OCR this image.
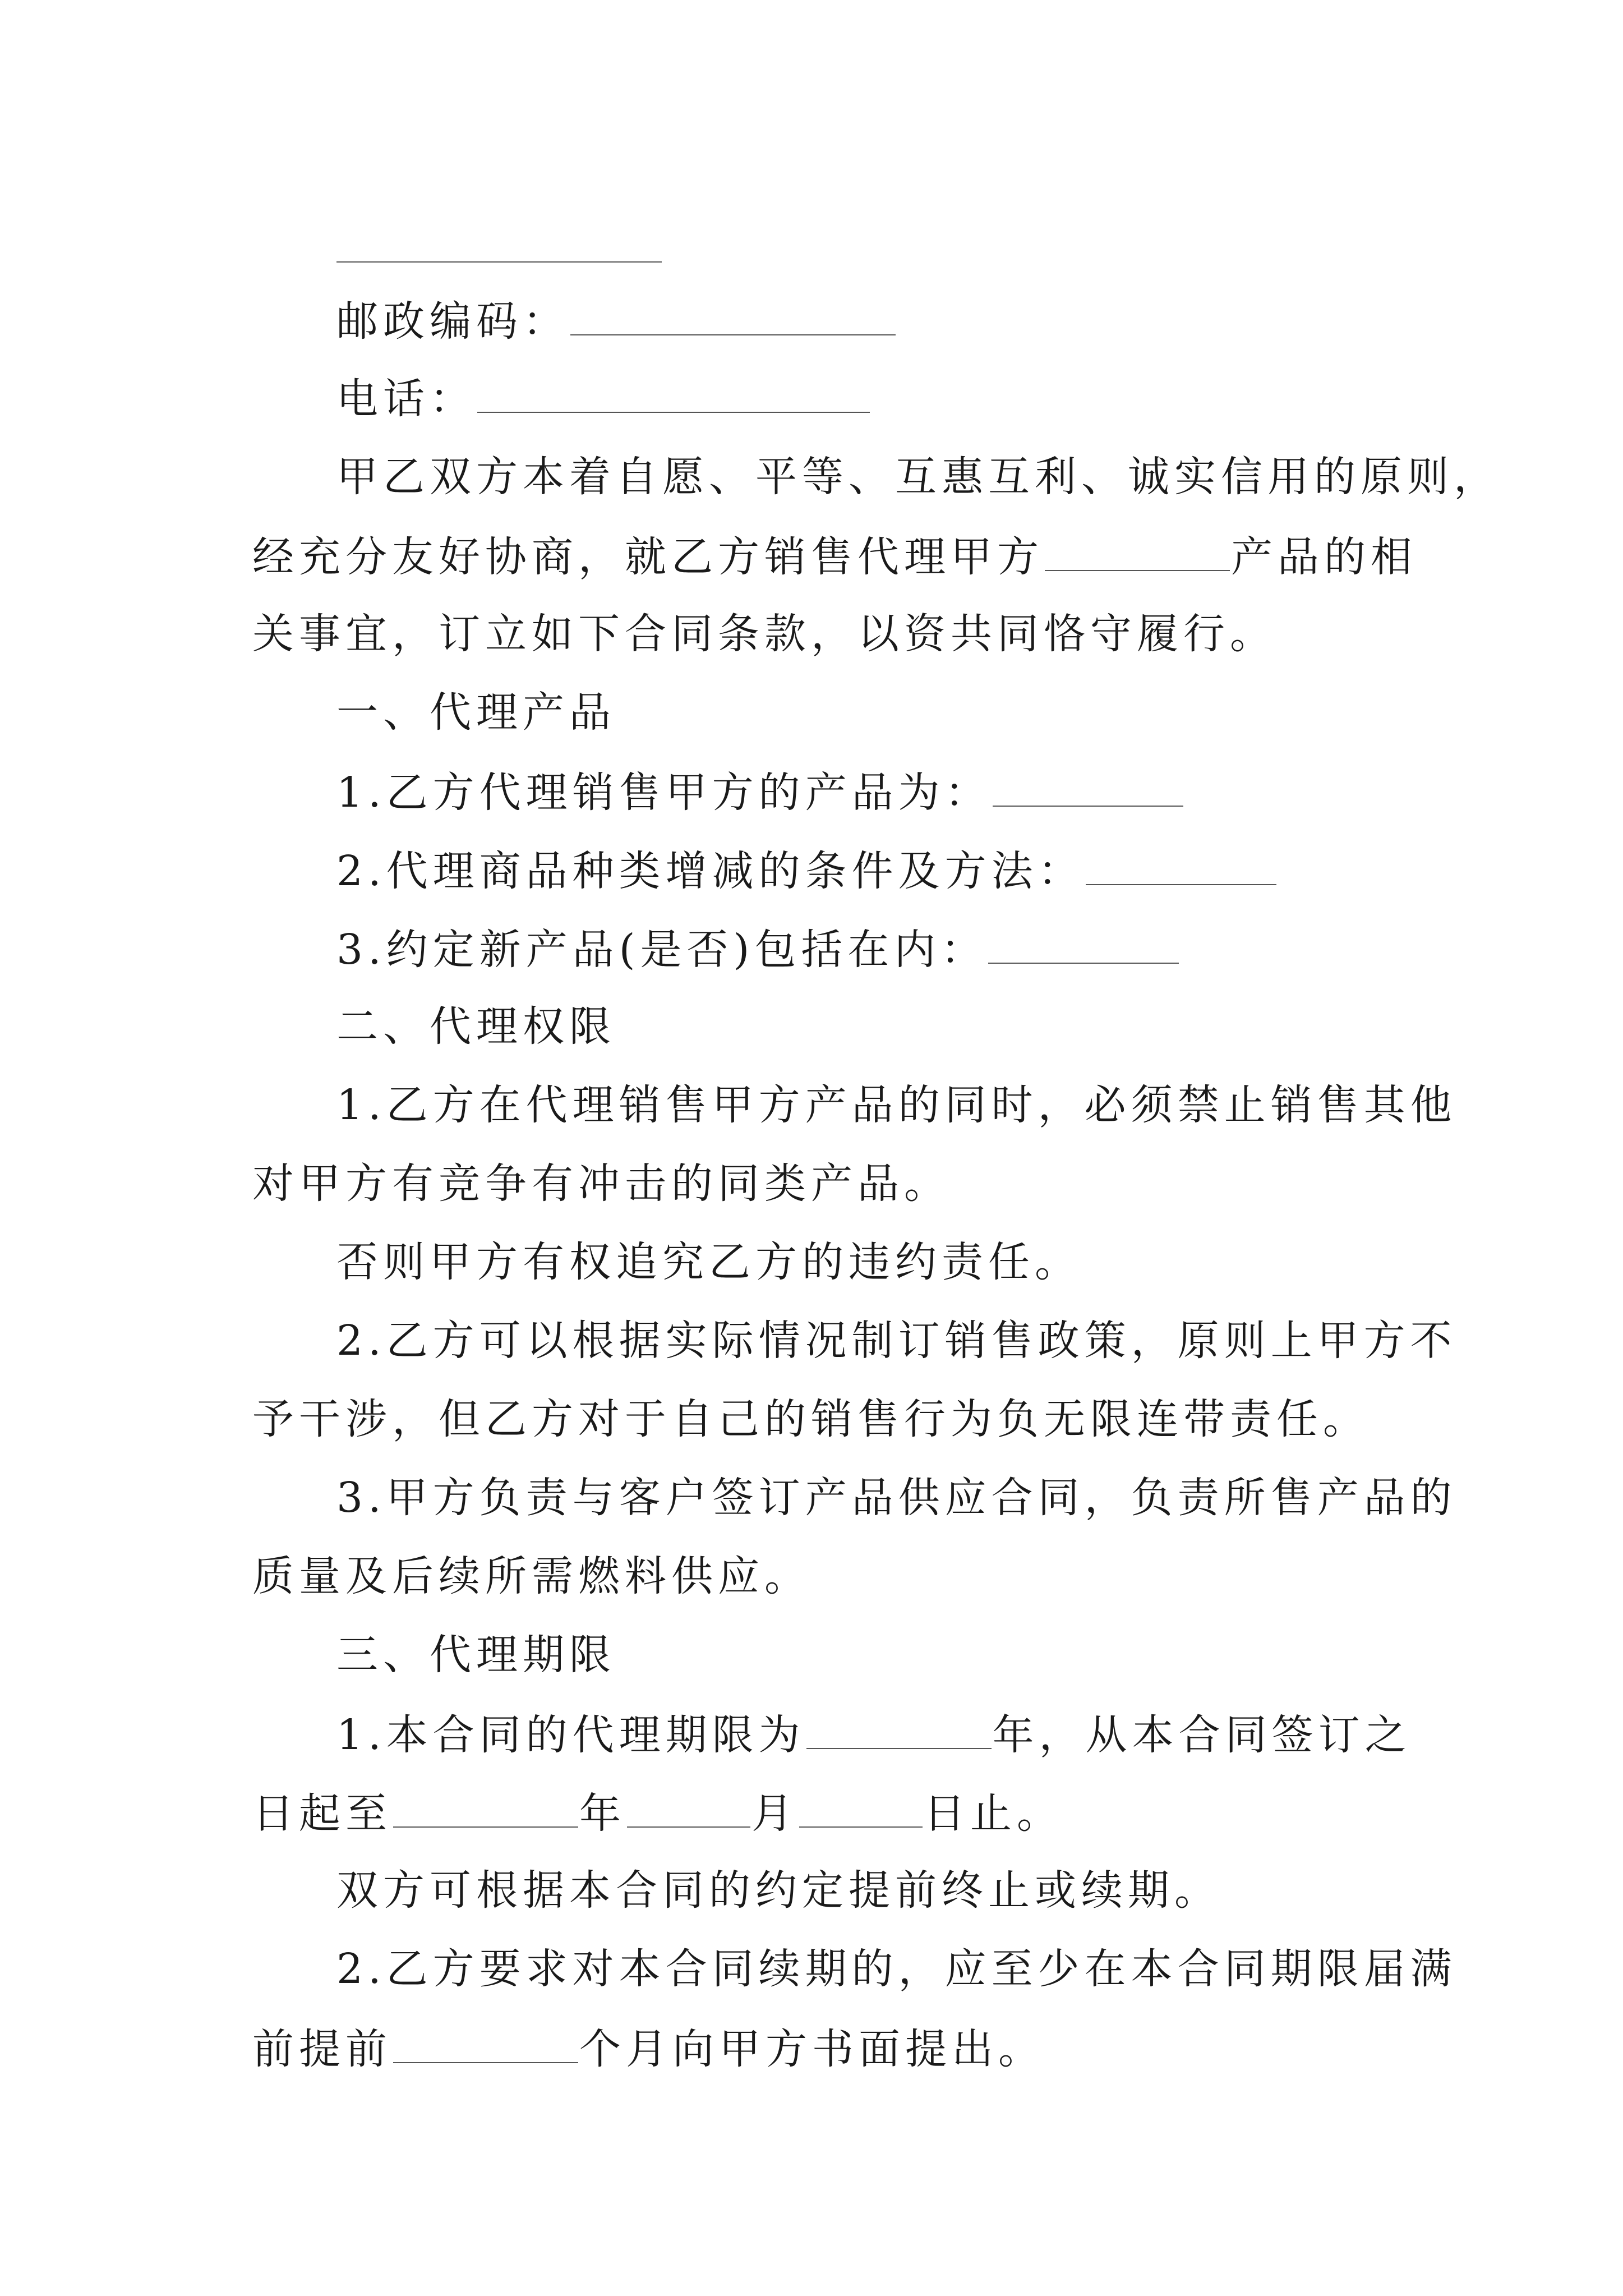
邮政编码：
电话：
甲乙双方本着自愿、平等、互惠互利、诚实信用的原则，
经充分友好协商，就乙方销售代理甲方	产品的相
关事宜，订立如下合同条款，以资共同恪守履行。
一、代理产品
1.乙方代理销售甲方的产品为：
2.代理商品种类增减的条件及方法：
3.约定新产品(是否)包括在内：
二、代理权限
1.乙方在代理销售甲方产品的同时，必须禁止销售其他
对甲方有竞争有冲击的同类产品。
否则甲方有权追究乙方的违约责任。
2.乙方可以根据实际情况制订销售政策，原则上甲方不
予干涉，但乙方对于自己的销售行为负无限连带责任。
3.甲方负责与客户签订产品供应合同，负责所售产品的
质量及后续所需燃料供应。
三、代理期限
1.本合同的代理期限为	年，从本合同签订之
日起至	年	月	日止。
双方可根据本合同的约定提前终止或续期。
2.乙方要求对本合同续期的，应至少在本合同期限届满
前提前	个月向甲方书面提出。
